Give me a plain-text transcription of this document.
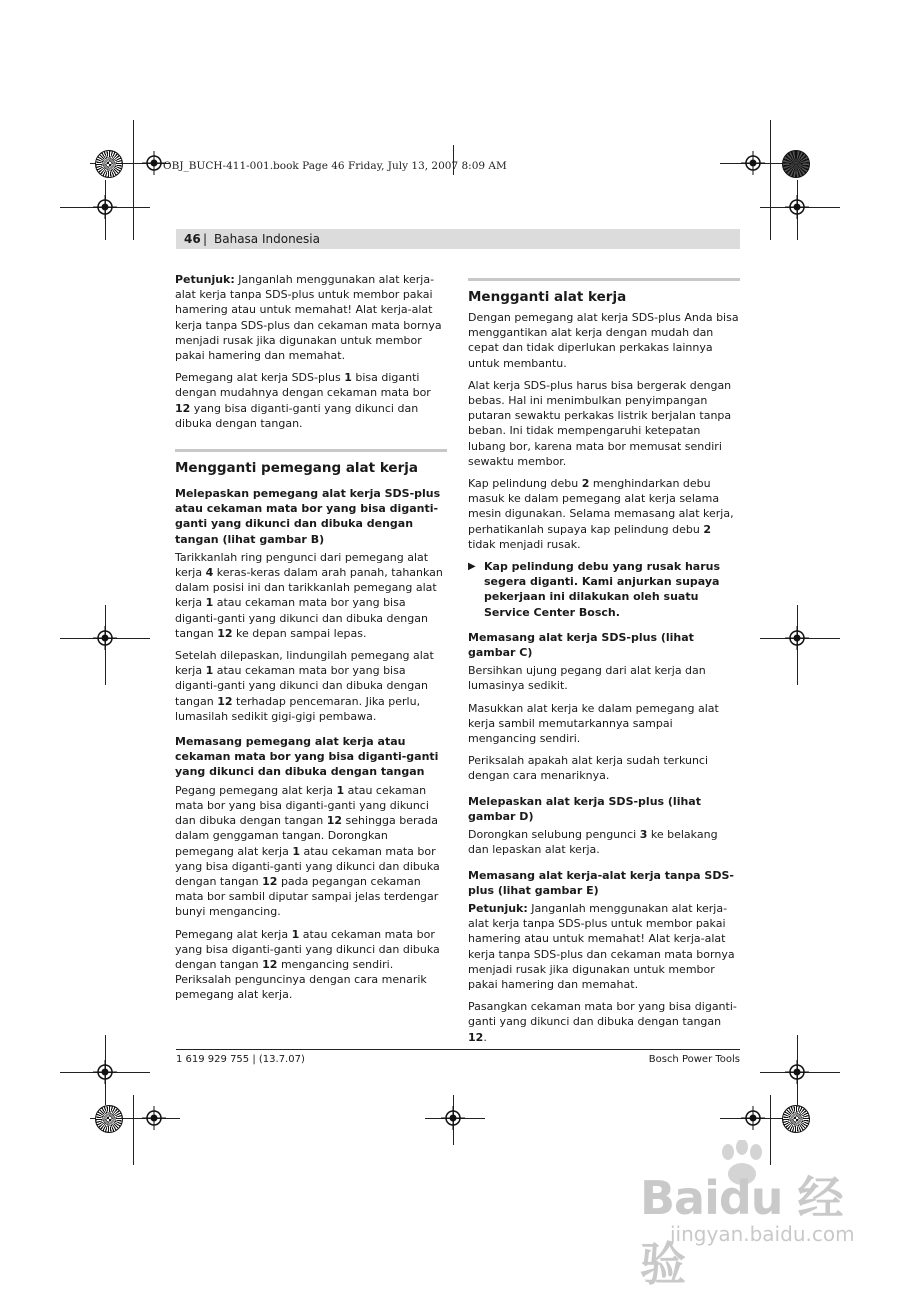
OBJ_BUCH-411-001.book Page 46 Friday, July 13, 2007 8:09 AM
46 | Bahasa Indonesia

Petunjuk: Janganlah menggunakan alat kerja-alat kerja tanpa SDS-plus untuk membor pakai hamering atau untuk memahat! Alat kerja-alat kerja tanpa SDS-plus dan cekaman mata bornya menjadi rusak jika digunakan untuk membor pakai hamering dan memahat.

Pemegang alat kerja SDS-plus 1 bisa diganti dengan mudahnya dengan cekaman mata bor 12 yang bisa diganti-ganti yang dikunci dan dibuka dengan tangan.

Mengganti pemegang alat kerja
Melepaskan pemegang alat kerja SDS-plus atau cekaman mata bor yang bisa diganti-ganti yang dikunci dan dibuka dengan tangan (lihat gambar B)

Tarikkanlah ring pengunci dari pemegang alat kerja 4 keras-keras dalam arah panah, tahankan dalam posisi ini dan tarikkanlah pemegang alat kerja 1 atau cekaman mata bor yang bisa diganti-ganti yang dikunci dan dibuka dengan tangan 12 ke depan sampai lepas.

Setelah dilepaskan, lindungilah pemegang alat kerja 1 atau cekaman mata bor yang bisa diganti-ganti yang dikunci dan dibuka dengan tangan 12 terhadap pencemaran. Jika perlu, lumasilah sedikit gigi-gigi pembawa.

Memasang pemegang alat kerja atau cekaman mata bor yang bisa diganti-ganti yang dikunci dan dibuka dengan tangan

Pegang pemegang alat kerja 1 atau cekaman mata bor yang bisa diganti-ganti yang dikunci dan dibuka dengan tangan 12 sehingga berada dalam genggaman tangan. Dorongkan pemegang alat kerja 1 atau cekaman mata bor yang bisa diganti-ganti yang dikunci dan dibuka dengan tangan 12 pada pegangan cekaman mata bor sambil diputar sampai jelas terdengar bunyi mengancing.

Pemegang alat kerja 1 atau cekaman mata bor yang bisa diganti-ganti yang dikunci dan dibuka dengan tangan 12 mengancing sendiri. Periksalah penguncinya dengan cara menarik pemegang alat kerja.

Mengganti alat kerja

Dengan pemegang alat kerja SDS-plus Anda bisa menggantikan alat kerja dengan mudah dan cepat dan tidak diperlukan perkakas lainnya untuk membantu.

Alat kerja SDS-plus harus bisa bergerak dengan bebas. Hal ini menimbulkan penyimpangan putaran sewaktu perkakas listrik berjalan tanpa beban. Ini tidak mempengaruhi ketepatan lubang bor, karena mata bor memusat sendiri sewaktu membor.

Kap pelindung debu 2 menghindarkan debu masuk ke dalam pemegang alat kerja selama mesin digunakan. Selama memasang alat kerja, perhatikanlah supaya kap pelindung debu 2 tidak menjadi rusak.

▶ Kap pelindung debu yang rusak harus segera diganti. Kami anjurkan supaya pekerjaan ini dilakukan oleh suatu Service Center Bosch.
Memasang alat kerja SDS-plus (lihat gambar C)

Bersihkan ujung pegang dari alat kerja dan lumasinya sedikit.

Masukkan alat kerja ke dalam pemegang alat kerja sambil memutarkannya sampai mengancing sendiri.

Periksalah apakah alat kerja sudah terkunci dengan cara menariknya.

Melepaskan alat kerja SDS-plus (lihat gambar D)

Dorongkan selubung pengunci 3 ke belakang dan lepaskan alat kerja.

Memasang alat kerja-alat kerja tanpa SDS-plus (lihat gambar E)

Petunjuk: Janganlah menggunakan alat kerja-alat kerja tanpa SDS-plus untuk membor pakai hamering atau untuk memahat! Alat kerja-alat kerja tanpa SDS-plus dan cekaman mata bornya menjadi rusak jika digunakan untuk membor pakai hamering dan memahat.

Pasangkan cekaman mata bor yang bisa diganti-ganti yang dikunci dan dibuka dengan tangan 12.

1 619 929 755 | (13.7.07)	Bosch Power Tools
Baidu 经验
jingyan.baidu.com
